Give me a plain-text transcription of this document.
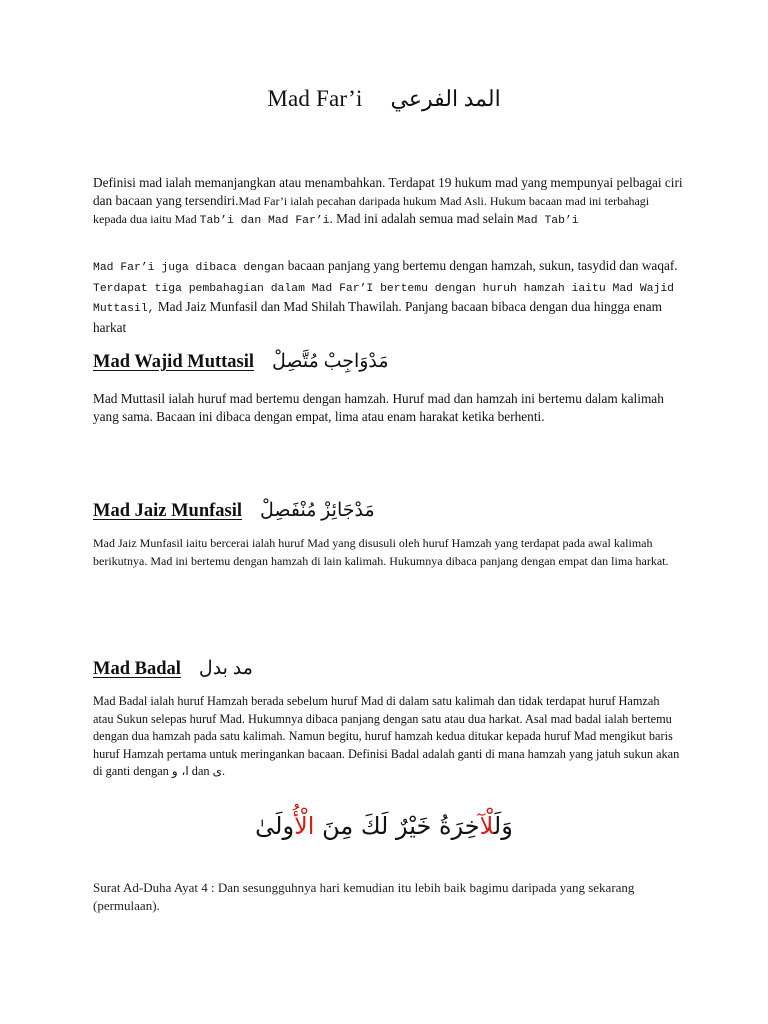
Mad Far’i المد الفرعي

Definisi mad ialah memanjangkan atau menambahkan. Terdapat 19 hukum mad yang mempunyai pelbagai ciri dan bacaan yang tersendiri.Mad Far’i ialah pecahan daripada hukum Mad Asli. Hukum bacaan mad ini terbahagi kepada dua iaitu Mad Tab’i dan Mad Far’i. Mad ini adalah semua mad selain Mad Tab’i

Mad Far’i juga dibaca dengan bacaan panjang yang bertemu dengan hamzah, sukun, tasydid dan waqaf. Terdapat tiga pembahagian dalam Mad Far’I bertemu dengan huruh hamzah iaitu Mad Wajid Muttasil, Mad Jaiz Munfasil dan Mad Shilah Thawilah. Panjang bacaan bibaca dengan dua hingga enam harkat

Mad Wajid Muttasil مَدْوَاجِبْ مُتَّصِلْ

Mad Muttasil ialah huruf mad bertemu dengan hamzah. Huruf mad dan hamzah ini bertemu dalam kalimah yang sama. Bacaan ini dibaca dengan empat, lima atau enam harakat ketika berhenti.

Mad Jaiz Munfasil مَدْجَائِزْ مُنْفَصِلْ

Mad Jaiz Munfasil iaitu bercerai ialah huruf Mad yang disusuli oleh huruf Hamzah yang terdapat pada awal kalimah berikutnya. Mad ini bertemu dengan hamzah di lain kalimah. Hukumnya dibaca panjang dengan empat dan lima harkat.

Mad Badal مد بدل

Mad Badal ialah huruf Hamzah berada sebelum huruf Mad di dalam satu kalimah dan tidak terdapat huruf Hamzah atau Sukun selepas huruf Mad. Hukumnya dibaca panjang dengan satu atau dua harkat. Asal mad badal ialah bertemu dengan dua hamzah pada satu kalimah. Namun begitu, huruf hamzah kedua ditukar kepada huruf Mad mengikut baris huruf Hamzah pertama untuk meringankan bacaan. Definisi Badal adalah ganti di mana hamzah yang jatuh sukun akan di ganti dengan ا، و dan ى.

وَلَلْآخِرَةُ خَيْرٌ لَكَ مِنَ الْأُولَىٰ
Surat Ad-Duha Ayat 4 : Dan sesungguhnya hari kemudian itu lebih baik bagimu daripada yang sekarang (permulaan).
